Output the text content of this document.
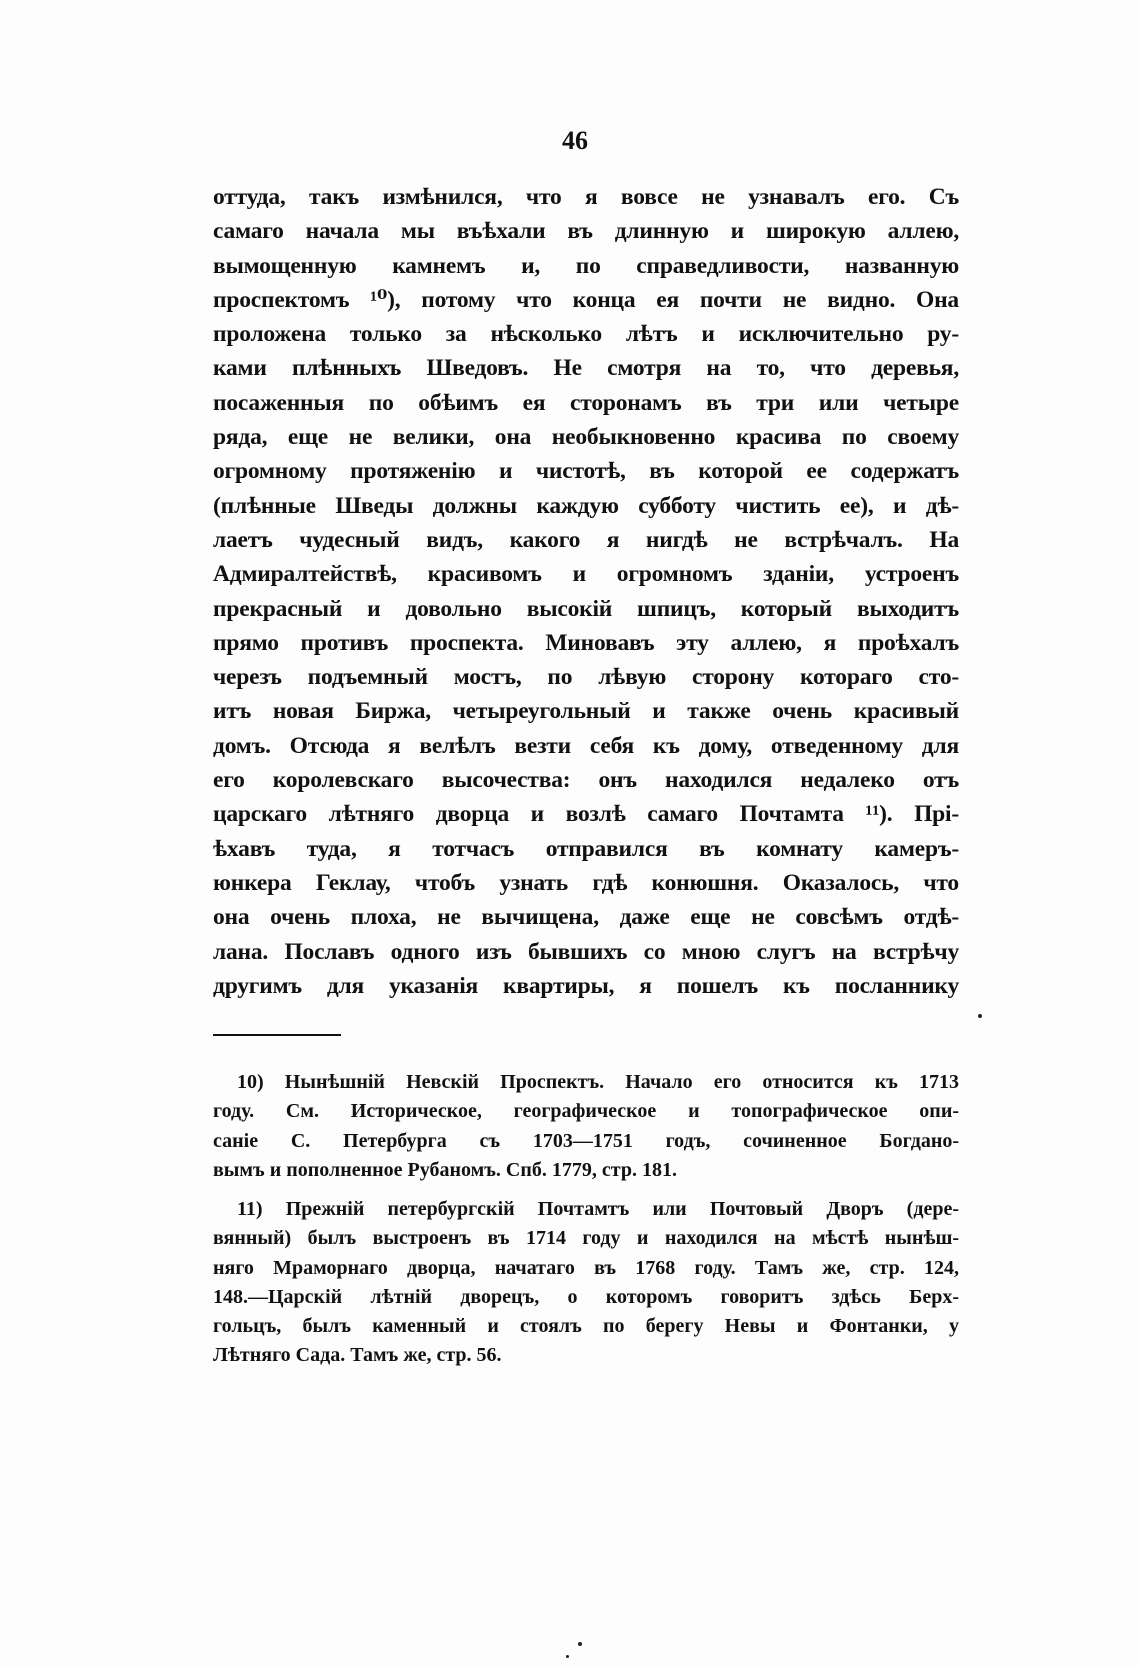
46
оттуда, такъ измѣнился, что я вовсе не узнавалъ его. Съ
самаго начала мы въѣхали въ длинную и широкую аллею,
вымощенную камнемъ и, по справедливости, названную
проспектомъ ¹⁰), потому что конца ея почти не видно. Она
проложена только за нѣсколько лѣтъ и исключительно ру-
ками плѣнныхъ Шведовъ. Не смотря на то, что деревья,
посаженныя по обѣимъ ея сторонамъ въ три или четыре
ряда, еще не велики, она необыкновенно красива по своему
огромному протяженію и чистотѣ, въ которой ее содержатъ
(плѣнные Шведы должны каждую субботу чистить ее), и дѣ-
лаетъ чудесный видъ, какого я нигдѣ не встрѣчалъ. На
Адмиралтействѣ, красивомъ и огромномъ зданіи, устроенъ
прекрасный и довольно высокій шпицъ, который выходитъ
прямо противъ проспекта. Миновавъ эту аллею, я проѣхалъ
черезъ подъемный мостъ, по лѣвую сторону котораго сто-
итъ новая Биржа, четыреугольный и также очень красивый
домъ. Отсюда я велѣлъ везти себя къ дому, отведенному для
его королевскаго высочества: онъ находился недалеко отъ
царскаго лѣтняго дворца и возлѣ самаго Почтамта ¹¹). Прі-
ѣхавъ туда, я тотчасъ отправился въ комнату камеръ-
юнкера Геклау, чтобъ узнать гдѣ конюшня. Оказалось, что
она очень плоха, не вычищена, даже еще не совсѣмъ отдѣ-
лана. Пославъ одного изъ бывшихъ со мною слугъ на встрѣчу
другимъ для указанія квартиры, я пошелъ къ посланнику
10) Нынѣшній Невскій Проспектъ. Начало его относится къ 1713
году. См. Историческое, географическое и топографическое опи-
саніе С. Петербурга съ 1703—1751 годъ, сочиненное Богдано-
вымъ и пополненное Рубаномъ. Спб. 1779, стр. 181.
11) Прежній петербургскій Почтамтъ или Почтовый Дворъ (дере-
вянный) былъ выстроенъ въ 1714 году и находился на мѣстѣ нынѣш-
няго Мраморнаго дворца, начатаго въ 1768 году. Тамъ же, стр. 124,
148.—Царскій лѣтній дворецъ, о которомъ говоритъ здѣсь Берх-
гольцъ, былъ каменный и стоялъ по берегу Невы и Фонтанки, у
Лѣтняго Сада. Тамъ же, стр. 56.
